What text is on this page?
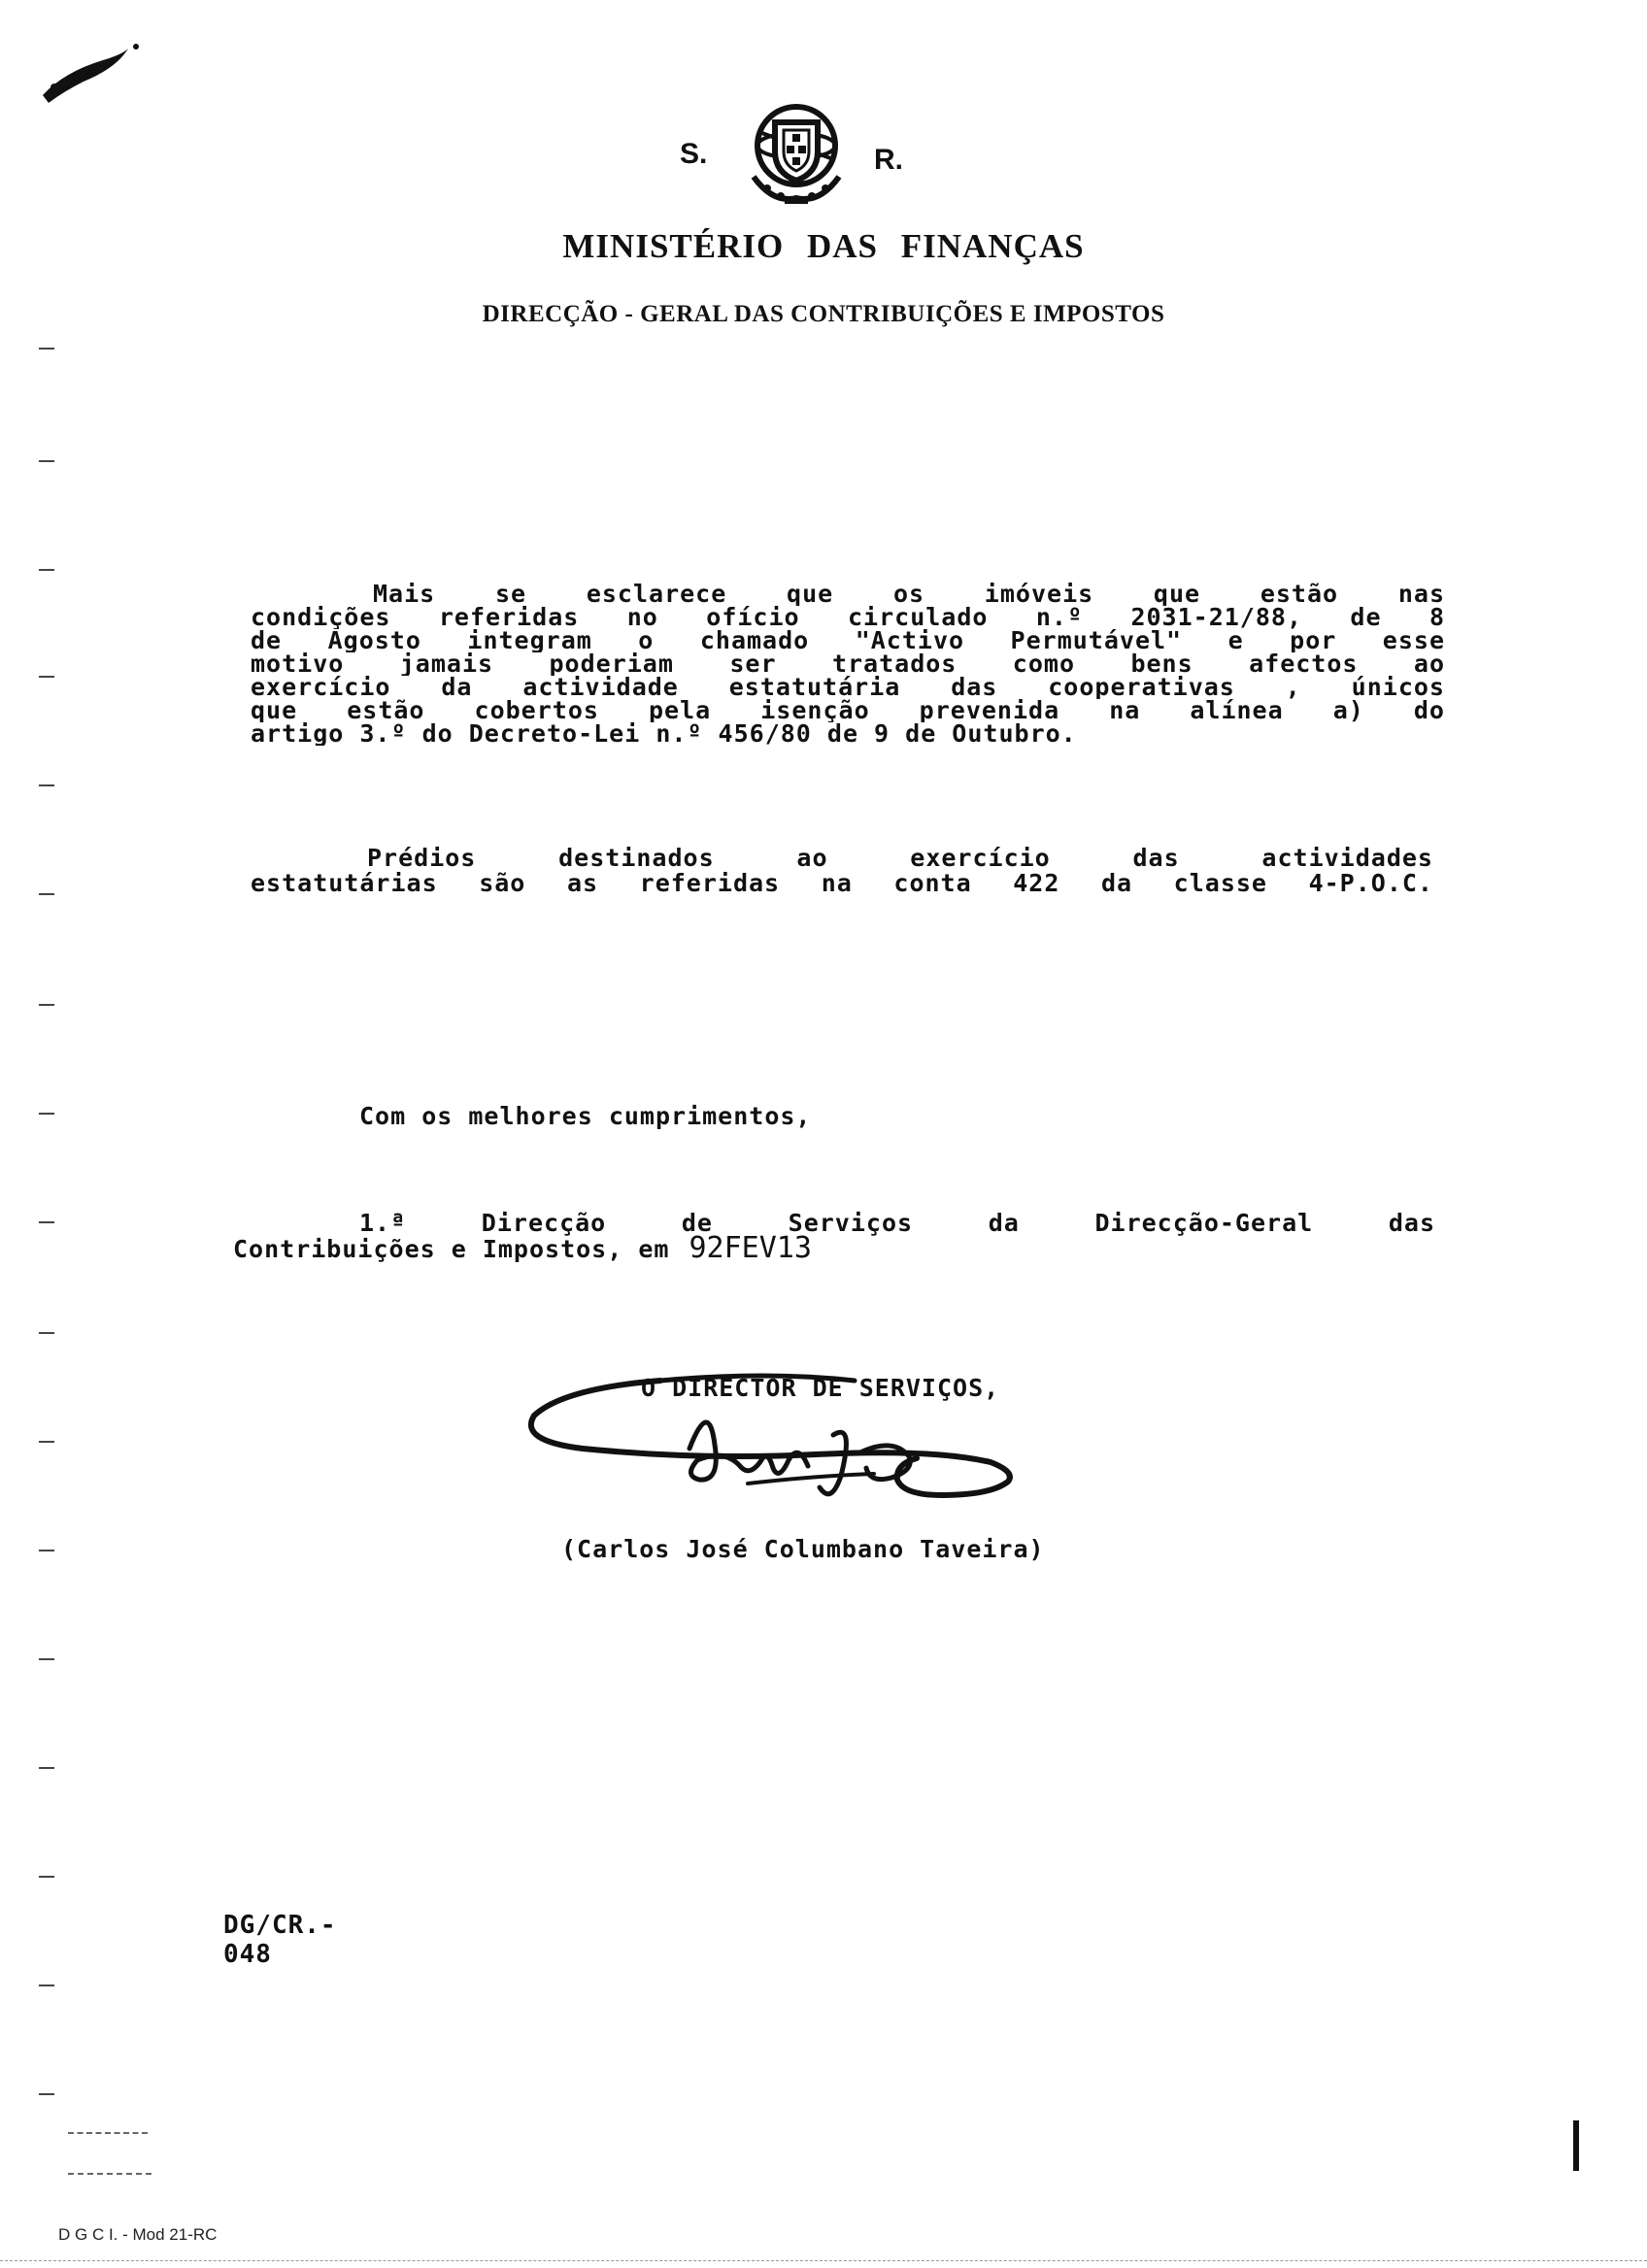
S.	R.
MINISTÉRIO DAS FINANÇAS
DIRECÇÃO - GERAL DAS CONTRIBUIÇÕES E IMPOSTOS
Mais se esclarece que os imóveis que estão nas
condições referidas no ofício circulado n.º 2031-21/88, de 8
de Agosto integram o chamado "Activo Permutável" e por esse
motivo jamais poderiam ser tratados como bens afectos ao
exercício da actividade estatutária das cooperativas , únicos
que estão cobertos pela isenção prevenida na alínea a) do
artigo 3.º do Decreto-Lei n.º 456/80 de 9 de Outubro.
Prédios destinados ao exercício das actividades
estatutárias são as referidas na conta 422 da classe 4-P.O.C.
Com os melhores cumprimentos,
1.ª Direcção de Serviços da Direcção-Geral das
Contribuições e Impostos, em 92FEV13
O DIRECTOR DE SERVIÇOS,
(Carlos José Columbano Taveira)
DG/CR.-
048
D G C I. - Mod 21-RC
